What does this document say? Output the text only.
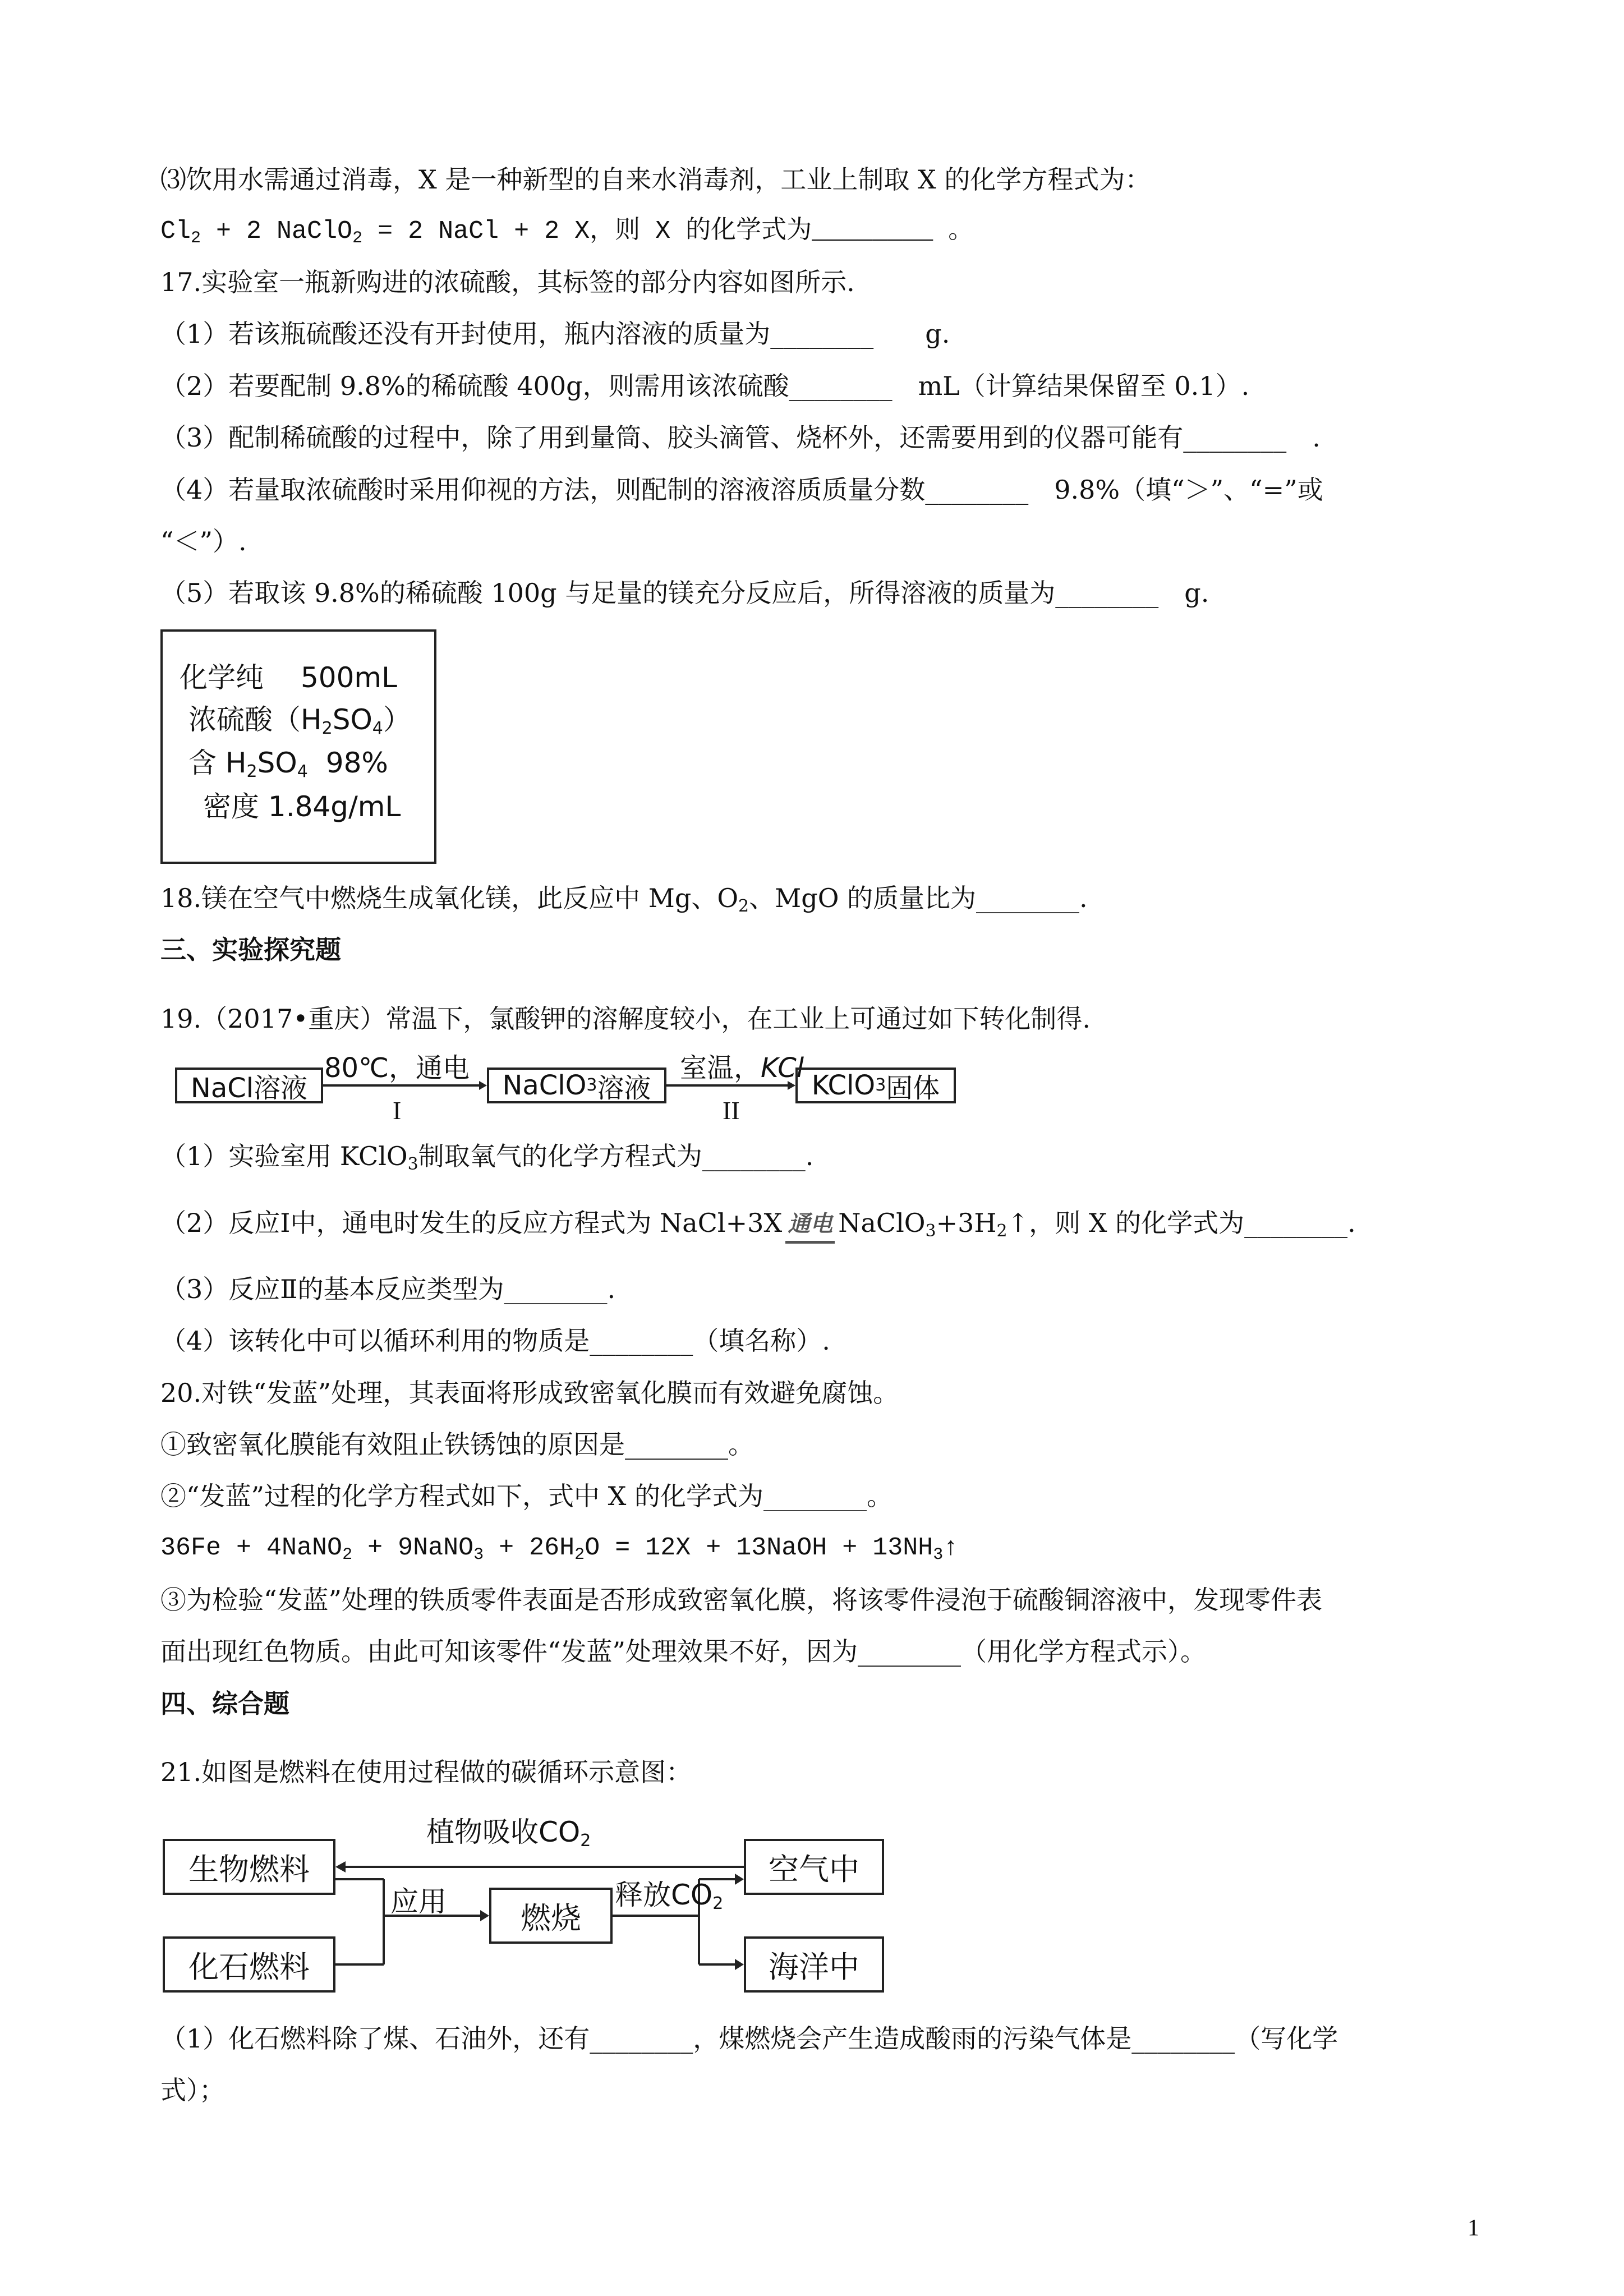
⑶饮用水需通过消毒，X 是一种新型的自来水消毒剂，工业上制取 X 的化学方程式为：

$Cl_2 + 2$ NaClO$_2$ = 2 NaCl + 2 X，则 X 的化学式为________ 。

17.实验室一瓶新购进的浓硫酸，其标签的部分内容如图所示.

（1）若该瓶硫酸还没有开封使用，瓶内溶液的质量为________　　g.

（2）若要配制 9.8%的稀硫酸 400g，则需用该浓硫酸________　mL（计算结果保留至 0.1）.

（3）配制稀硫酸的过程中，除了用到量筒、胶头滴管、烧杯外，还需要用到的仪器可能有________　.

（4）若量取浓硫酸时采用仰视的方法，则配制的溶液溶质质量分数________　9.8%（填“＞”、“=”或

“＜”）.

（5）若取该 9.8%的稀硫酸 100g 与足量的镁充分反应后，所得溶液的质量为________　g.

化学纯 500mL
浓硫酸$(H_2SO_4)$
含 $H_2SO_4$ 98%
密度 1.84g/mL

18.镁在空气中燃烧生成氧化镁，此反应中 Mg、$O_2$、MgO 的质量比为________.

三、实验探究题

19.（2017•重庆）常温下，氯酸钾的溶解度较小，在工业上可通过如下转化制得.

NaCl溶液
80℃，通电
I
NaClO 3 溶液
室温，KCl
II
KClO 3 固体

（1）实验室用 KClO$_3$制取氧气的化学方程式为________.

（2）反应Ⅰ中，通电时发生的反应方程式为 NaCl+3X 通电 $NaClO_3+3H_2↑$，则 X 的化学式为________.

（3）反应Ⅱ的基本反应类型为________.

（4）该转化中可以循环利用的物质是________（填名称）.

20.对铁“发蓝”处理，其表面将形成致密氧化膜而有效避免腐蚀。

①致密氧化膜能有效阻止铁锈蚀的原因是________。

②“发蓝”过程的化学方程式如下，式中 X 的化学式为________。

36Fe + 4NaNO$_2$ + 9NaNO$_3$ + $26H_2O = 12X$ + 13NaOH + $13NH_3↑$

③为检验“发蓝”处理的铁质零件表面是否形成致密氧化膜，将该零件浸泡于硫酸铜溶液中，发现零件表

面出现红色物质。由此可知该零件“发蓝”处理效果不好，因为________（用化学方程式示）。

四、综合题

21.如图是燃料在使用过程做的碳循环示意图：

生物燃料
化石燃料
燃烧
空气中
海洋中
植物吸收$CO_2$
应用	释放$CO_2$

（1）化石燃料除了煤、石油外，还有________，煤燃烧会产生造成酸雨的污染气体是________（写化学

式）；

1
